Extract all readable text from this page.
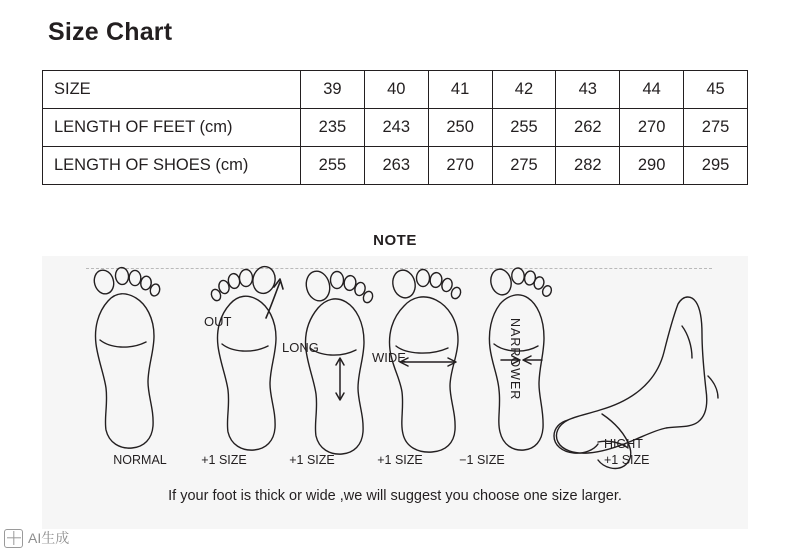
Size Chart
SIZE	39	40	41	42	43	44	45
LENGTH OF FEET (cm)	235	243	250	255	262	270	275
LENGTH OF SHOES (cm)	255	263	270	275	282	290	295
NOTE
OUT
LONG
WIDE	NARROWER
NORMAL	+1 SIZE	+1 SIZE	+1 SIZE	−1 SIZE
HIGHT
+1 SIZE
If your foot is thick or wide ,we will suggest you choose one size larger.
AI生成
